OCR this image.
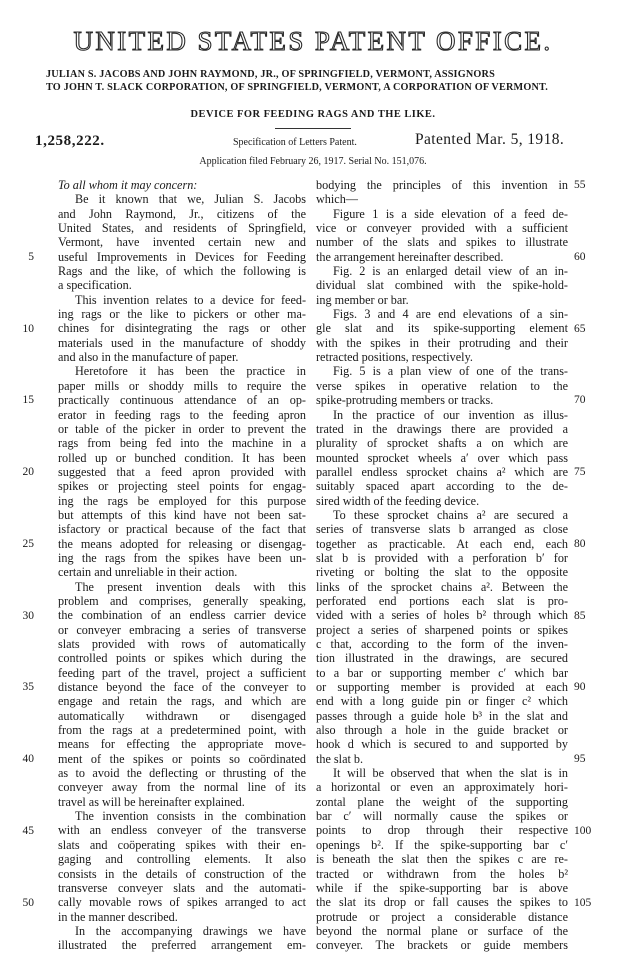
UNITED STATES PATENT OFFICE.

JULIAN S. JACOBS AND JOHN RAYMOND, JR., OF SPRINGFIELD, VERMONT, ASSIGNORS
TO JOHN T. SLACK CORPORATION, OF SPRINGFIELD, VERMONT, A CORPORATION OF VERMONT.

DEVICE FOR FEEDING RAGS AND THE LIKE.
1,258,222.	Specification of Letters Patent.	Patented Mar. 5, 1918.
Application filed February 26, 1917. Serial No. 151,076.
To all whom it may concern:
Be it known that we, Julian S. Jacobs
and John Raymond, Jr., citizens of the
United States, and residents of Springfield,
Vermont, have invented certain new and
useful Improvements in Devices for Feeding
Rags and the like, of which the following is
a specification.
This invention relates to a device for feed-
ing rags or the like to pickers or other ma-
chines for disintegrating the rags or other
materials used in the manufacture of shoddy
and also in the manufacture of paper.
Heretofore it has been the practice in
paper mills or shoddy mills to require the
practically continuous attendance of an op-
erator in feeding rags to the feeding apron
or table of the picker in order to prevent the
rags from being fed into the machine in a
rolled up or bunched condition. It has been
suggested that a feed apron provided with
spikes or projecting steel points for engag-
ing the rags be employed for this purpose
but attempts of this kind have not been sat-
isfactory or practical because of the fact that
the means adopted for releasing or disengag-
ing the rags from the spikes have been un-
certain and unreliable in their action.
The present invention deals with this
problem and comprises, generally speaking,
the combination of an endless carrier device
or conveyer embracing a series of transverse
slats provided with rows of automatically
controlled points or spikes which during the
feeding part of the travel, project a sufficient
distance beyond the face of the conveyer to
engage and retain the rags, and which are
automatically withdrawn or disengaged
from the rags at a predetermined point, with
means for effecting the appropriate move-
ment of the spikes or points so coördinated
as to avoid the deflecting or thrusting of the
conveyer away from the normal line of its
travel as will be hereinafter explained.
The invention consists in the combination
with an endless conveyer of the transverse
slats and coöperating spikes with their en-
gaging and controlling elements. It also
consists in the details of construction of the
transverse conveyer slats and the automati-
cally movable rows of spikes arranged to act
in the manner described.
In the accompanying drawings we have
illustrated the preferred arrangement em-
bodying the principles of this invention in
which—
Figure 1 is a side elevation of a feed de-
vice or conveyer provided with a sufficient
number of the slats and spikes to illustrate
the arrangement hereinafter described.
Fig. 2 is an enlarged detail view of an in-
dividual slat combined with the spike-hold-
ing member or bar.
Figs. 3 and 4 are end elevations of a sin-
gle slat and its spike-supporting element
with the spikes in their protruding and their
retracted positions, respectively.
Fig. 5 is a plan view of one of the trans-
verse spikes in operative relation to the
spike-protruding members or tracks.
In the practice of our invention as illus-
trated in the drawings there are provided a
plurality of sprocket shafts a on which are
mounted sprocket wheels a′ over which pass
parallel endless sprocket chains a² which are
suitably spaced apart according to the de-
sired width of the feeding device.
To these sprocket chains a² are secured a
series of transverse slats b arranged as close
together as practicable. At each end, each
slat b is provided with a perforation b′ for
riveting or bolting the slat to the opposite
links of the sprocket chains a². Between the
perforated end portions each slat is pro-
vided with a series of holes b² through which
project a series of sharpened points or spikes
c that, according to the form of the inven-
tion illustrated in the drawings, are secured
to a bar or supporting member c′ which bar
or supporting member is provided at each
end with a long guide pin or finger c² which
passes through a guide hole b³ in the slat and
also through a hole in the guide bracket or
hook d which is secured to and supported by
the slat b.
It will be observed that when the slat is in
a horizontal or even an approximately hori-
zontal plane the weight of the supporting
bar c′ will normally cause the spikes or
points to drop through their respective
openings b². If the spike-supporting bar c′
is beneath the slat then the spikes c are re-
tracted or withdrawn from the holes b²
while if the spike-supporting bar is above
the slat its drop or fall causes the spikes to
protrude or project a considerable distance
beyond the normal plane or surface of the
conveyer. The brackets or guide members
5
10
15
20
25
30
35
40
45
50
55
60
65
70
75
80
85
90
95
100
105
